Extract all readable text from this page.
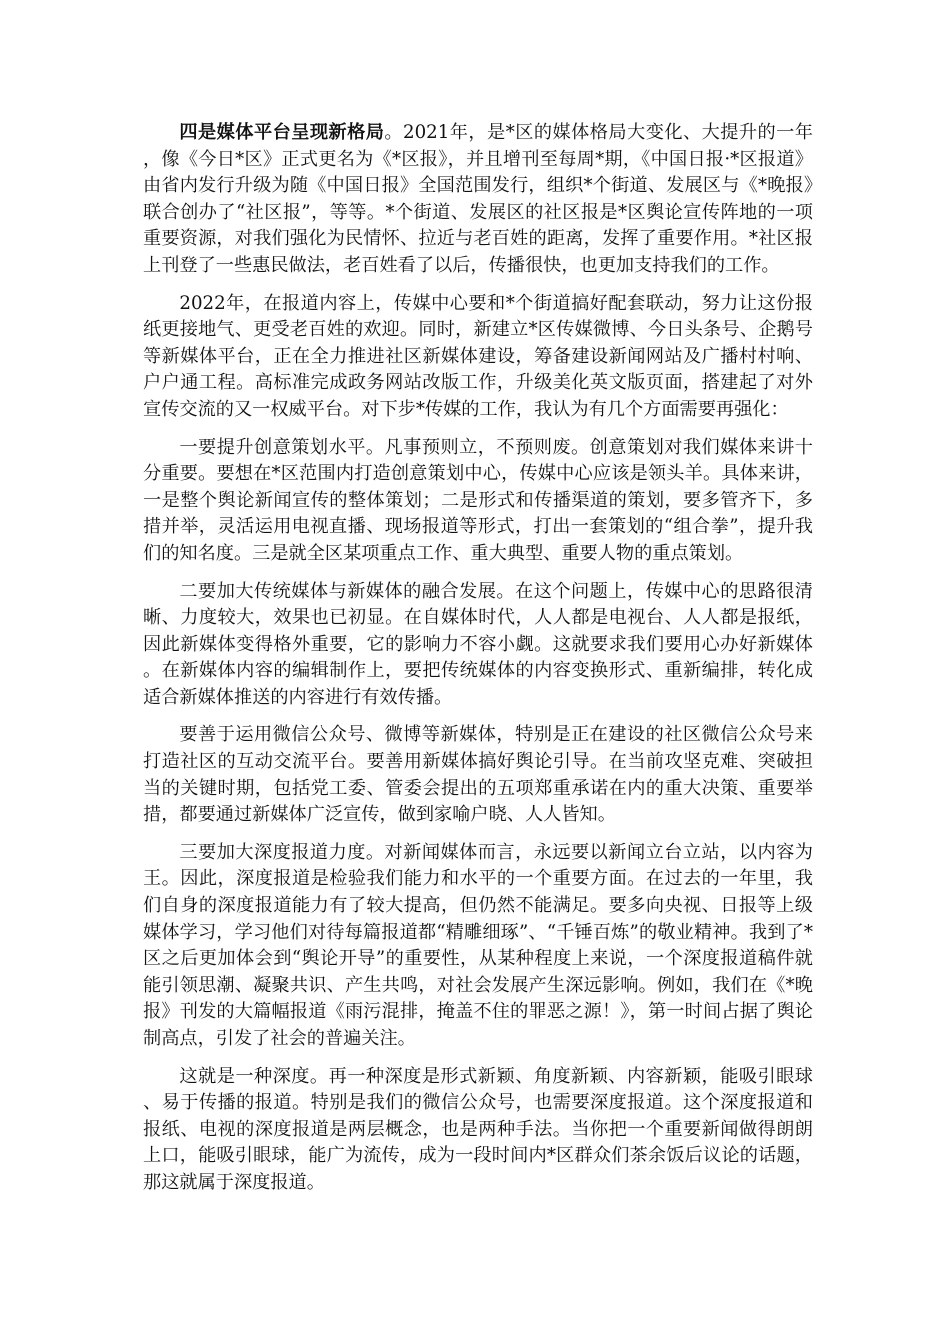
四是媒体平台呈现新格局。2021年，是*区的媒体格局大变化、大提升的一年，像《今日*区》正式更名为《*区报》，并且增刊至每周*期，《中国日报·*区报道》由省内发行升级为随《中国日报》全国范围发行，组织*个街道、发展区与《*晚报》联合创办了“社区报”，等等。*个街道、发展区的社区报是*区舆论宣传阵地的一项重要资源，对我们强化为民情怀、拉近与老百姓的距离，发挥了重要作用。*社区报上刊登了一些惠民做法，老百姓看了以后，传播很快，也更加支持我们的工作。

2022年，在报道内容上，传媒中心要和*个街道搞好配套联动，努力让这份报纸更接地气、更受老百姓的欢迎。同时，新建立*区传媒微博、今日头条号、企鹅号等新媒体平台，正在全力推进社区新媒体建设，筹备建设新闻网站及广播村村响、户户通工程。高标准完成政务网站改版工作，升级美化英文版页面，搭建起了对外宣传交流的又一权威平台。对下步*传媒的工作，我认为有几个方面需要再强化：

一要提升创意策划水平。凡事预则立，不预则废。创意策划对我们媒体来讲十分重要。要想在*区范围内打造创意策划中心，传媒中心应该是领头羊。具体来讲，一是整个舆论新闻宣传的整体策划；二是形式和传播渠道的策划，要多管齐下，多措并举，灵活运用电视直播、现场报道等形式，打出一套策划的“组合拳”，提升我们的知名度。三是就全区某项重点工作、重大典型、重要人物的重点策划。

二要加大传统媒体与新媒体的融合发展。在这个问题上，传媒中心的思路很清晰、力度较大，效果也已初显。在自媒体时代，人人都是电视台、人人都是报纸，因此新媒体变得格外重要，它的影响力不容小觑。这就要求我们要用心办好新媒体。在新媒体内容的编辑制作上，要把传统媒体的内容变换形式、重新编排，转化成适合新媒体推送的内容进行有效传播。

要善于运用微信公众号、微博等新媒体，特别是正在建设的社区微信公众号来打造社区的互动交流平台。要善用新媒体搞好舆论引导。在当前攻坚克难、突破担当的关键时期，包括党工委、管委会提出的五项郑重承诺在内的重大决策、重要举措，都要通过新媒体广泛宣传，做到家喻户晓、人人皆知。

三要加大深度报道力度。对新闻媒体而言，永远要以新闻立台立站，以内容为王。因此，深度报道是检验我们能力和水平的一个重要方面。在过去的一年里，我们自身的深度报道能力有了较大提高，但仍然不能满足。要多向央视、日报等上级媒体学习，学习他们对待每篇报道都“精雕细琢”、“千锤百炼”的敬业精神。我到了*区之后更加体会到“舆论开导”的重要性，从某种程度上来说，一个深度报道稿件就能引领思潮、凝聚共识、产生共鸣，对社会发展产生深远影响。例如，我们在《*晚报》刊发的大篇幅报道《雨污混排，掩盖不住的罪恶之源！》，第一时间占据了舆论制高点，引发了社会的普遍关注。

这就是一种深度。再一种深度是形式新颖、角度新颖、内容新颖，能吸引眼球、易于传播的报道。特别是我们的微信公众号，也需要深度报道。这个深度报道和报纸、电视的深度报道是两层概念，也是两种手法。当你把一个重要新闻做得朗朗上口，能吸引眼球，能广为流传，成为一段时间内*区群众们茶余饭后议论的话题，那这就属于深度报道。
